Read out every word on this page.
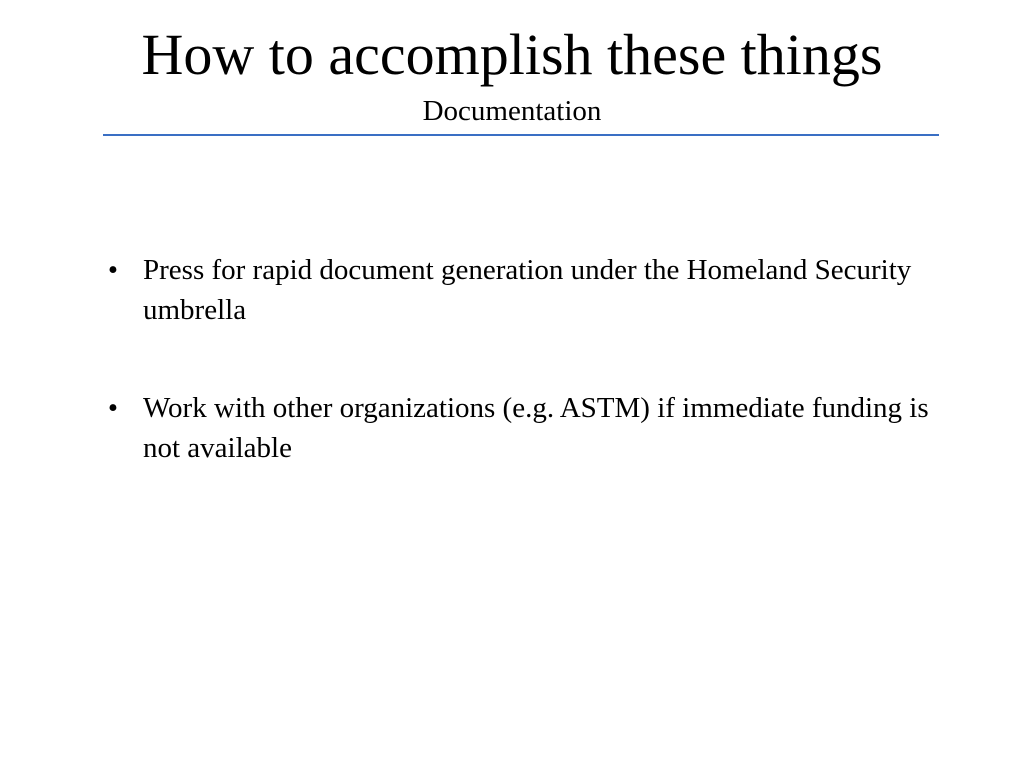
How to accomplish these things
Documentation
• Press for rapid document generation under the Homeland Security umbrella
• Work with other organizations (e.g. ASTM) if immediate funding is not available
